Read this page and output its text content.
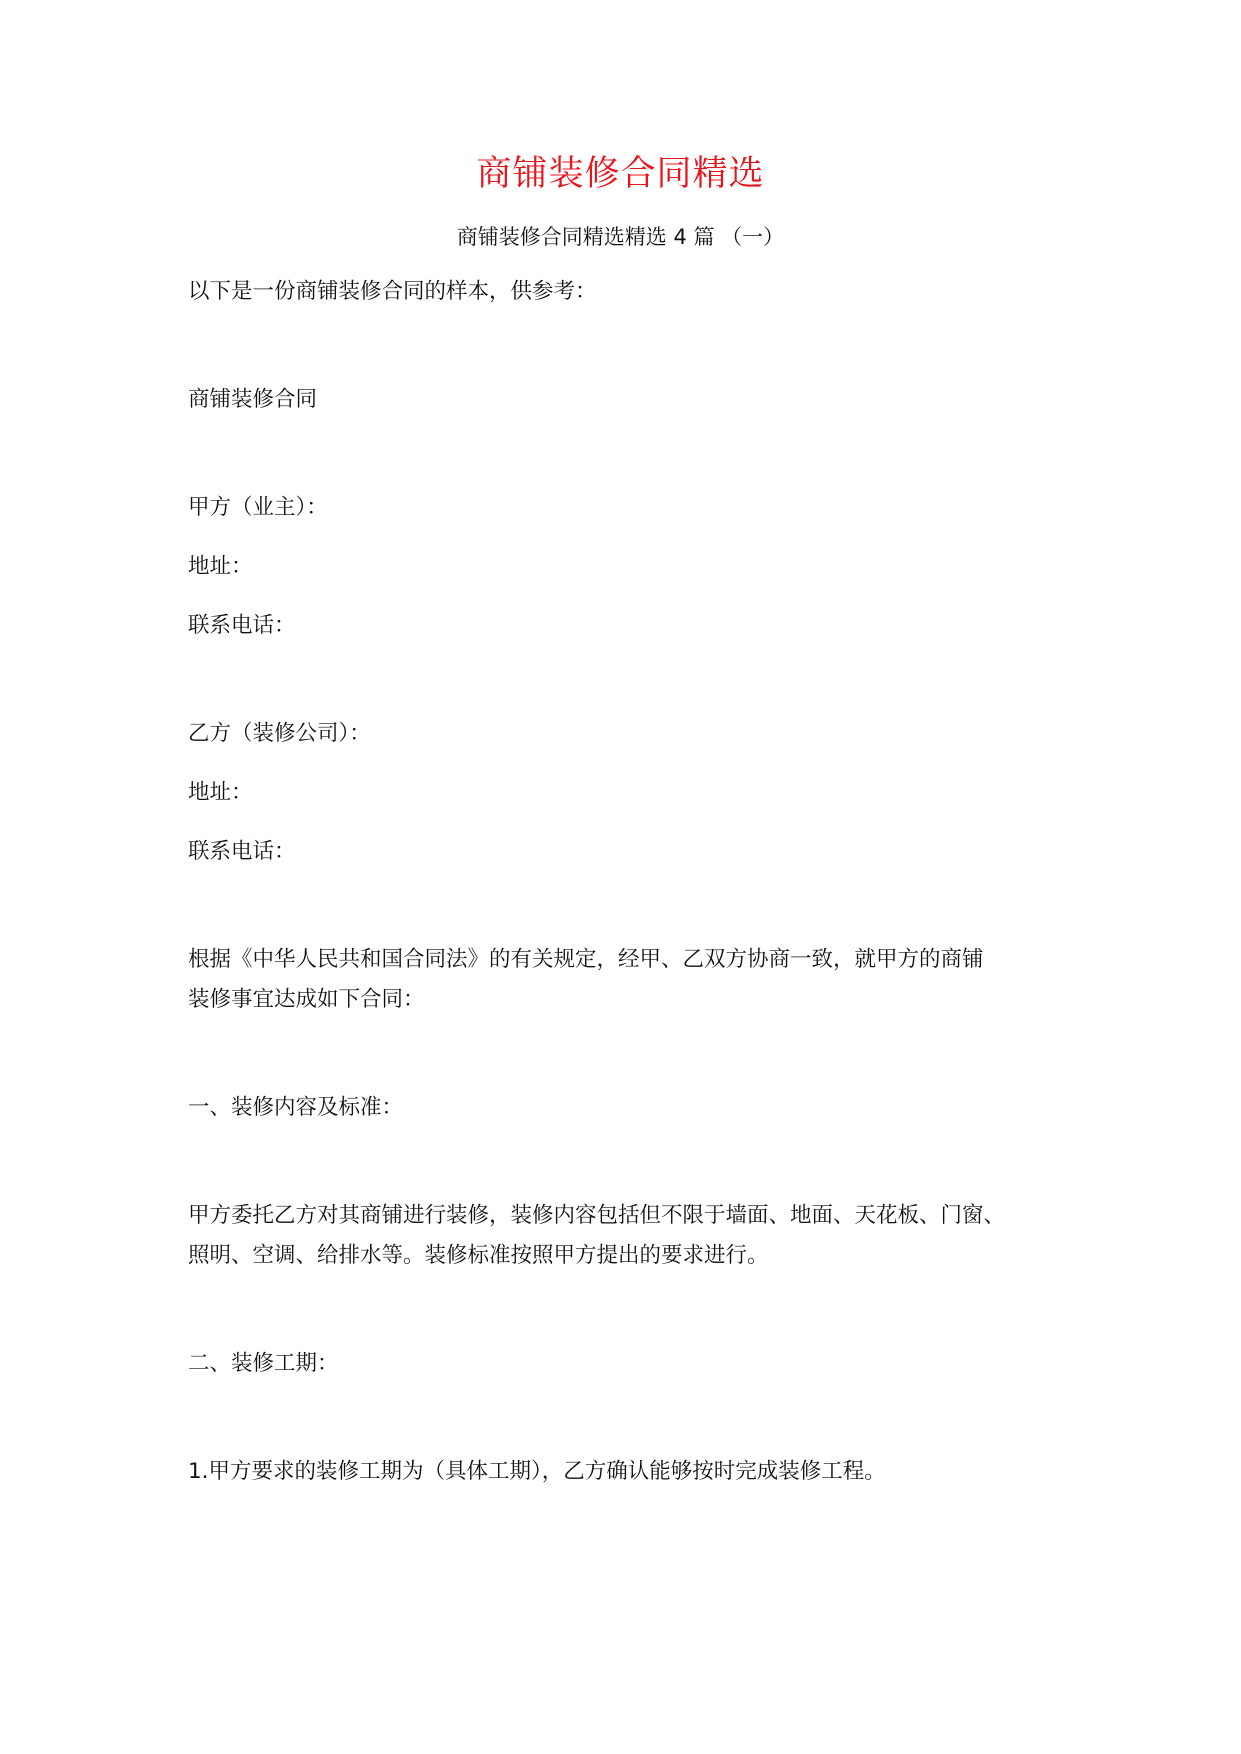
商铺装修合同精选
商铺装修合同精选精选 4 篇 （一）
以下是一份商铺装修合同的样本，供参考：
商铺装修合同
甲方（业主）：
地址：
联系电话：
乙方（装修公司）：
地址：
联系电话：
根据《中华人民共和国合同法》的有关规定，经甲、乙双方协商一致，就甲方的商铺
装修事宜达成如下合同：
一、装修内容及标准：
甲方委托乙方对其商铺进行装修，装修内容包括但不限于墙面、地面、天花板、门窗、
照明、空调、给排水等。装修标准按照甲方提出的要求进行。
二、装修工期：
1.甲方要求的装修工期为（具体工期），乙方确认能够按时完成装修工程。
